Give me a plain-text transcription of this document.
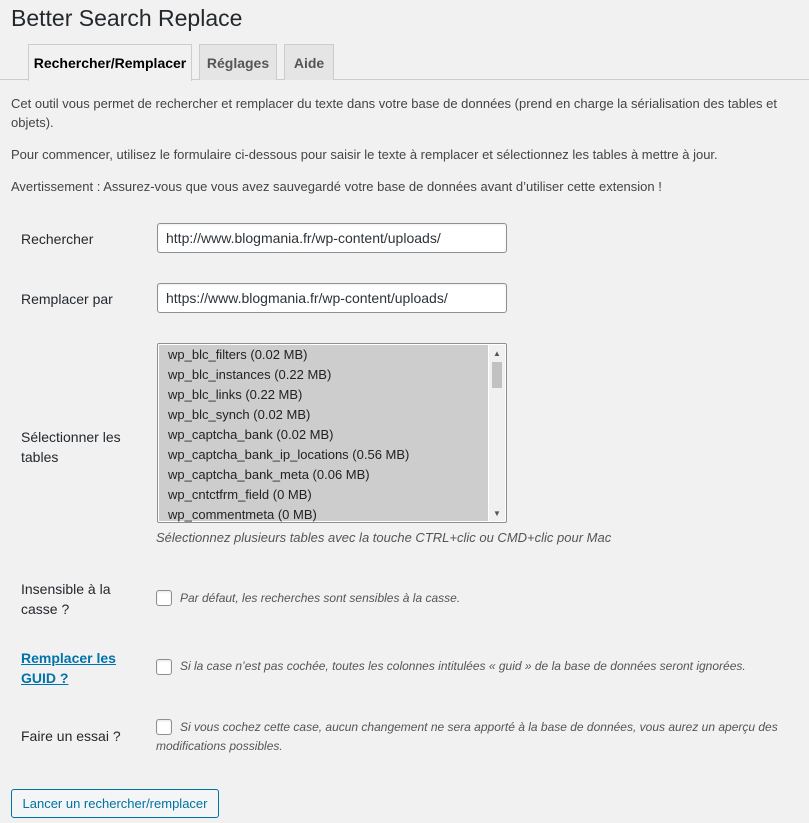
Better Search Replace
Rechercher/Remplacer	Réglages	Aide

Cet outil vous permet de rechercher et remplacer du texte dans votre base de données (prend en charge la sérialisation des tables et objets).

Pour commencer, utilisez le formulaire ci-dessous pour saisir le texte à remplacer et sélectionnez les tables à mettre à jour.

Avertissement : Assurez-vous que vous avez sauvegardé votre base de données avant d’utiliser cette extension !

Rechercher
http://www.blogmania.fr/wp-content/uploads/
Remplacer par
https://www.blogmania.fr/wp-content/uploads/
Sélectionner les
tables
wp_blc_filters (0.02 MB)
wp_blc_instances (0.22 MB)
wp_blc_links (0.22 MB)
wp_blc_synch (0.02 MB)
wp_captcha_bank (0.02 MB)
wp_captcha_bank_ip_locations (0.56 MB)
wp_captcha_bank_meta (0.06 MB)
wp_cntctfrm_field (0 MB)
wp_commentmeta (0 MB)
▲
▼
Sélectionnez plusieurs tables avec la touche CTRL+clic ou CMD+clic pour Mac
Insensible à la
casse ?
Par défaut, les recherches sont sensibles à la casse.
Remplacer les
GUID ?
Si la case n’est pas cochée, toutes les colonnes intitulées « guid » de la base de données seront ignorées.
Faire un essai ?
Si vous cochez cette case, aucun changement ne sera apporté à la base de données, vous aurez un aperçu des
modifications possibles.
Lancer un rechercher/remplacer
